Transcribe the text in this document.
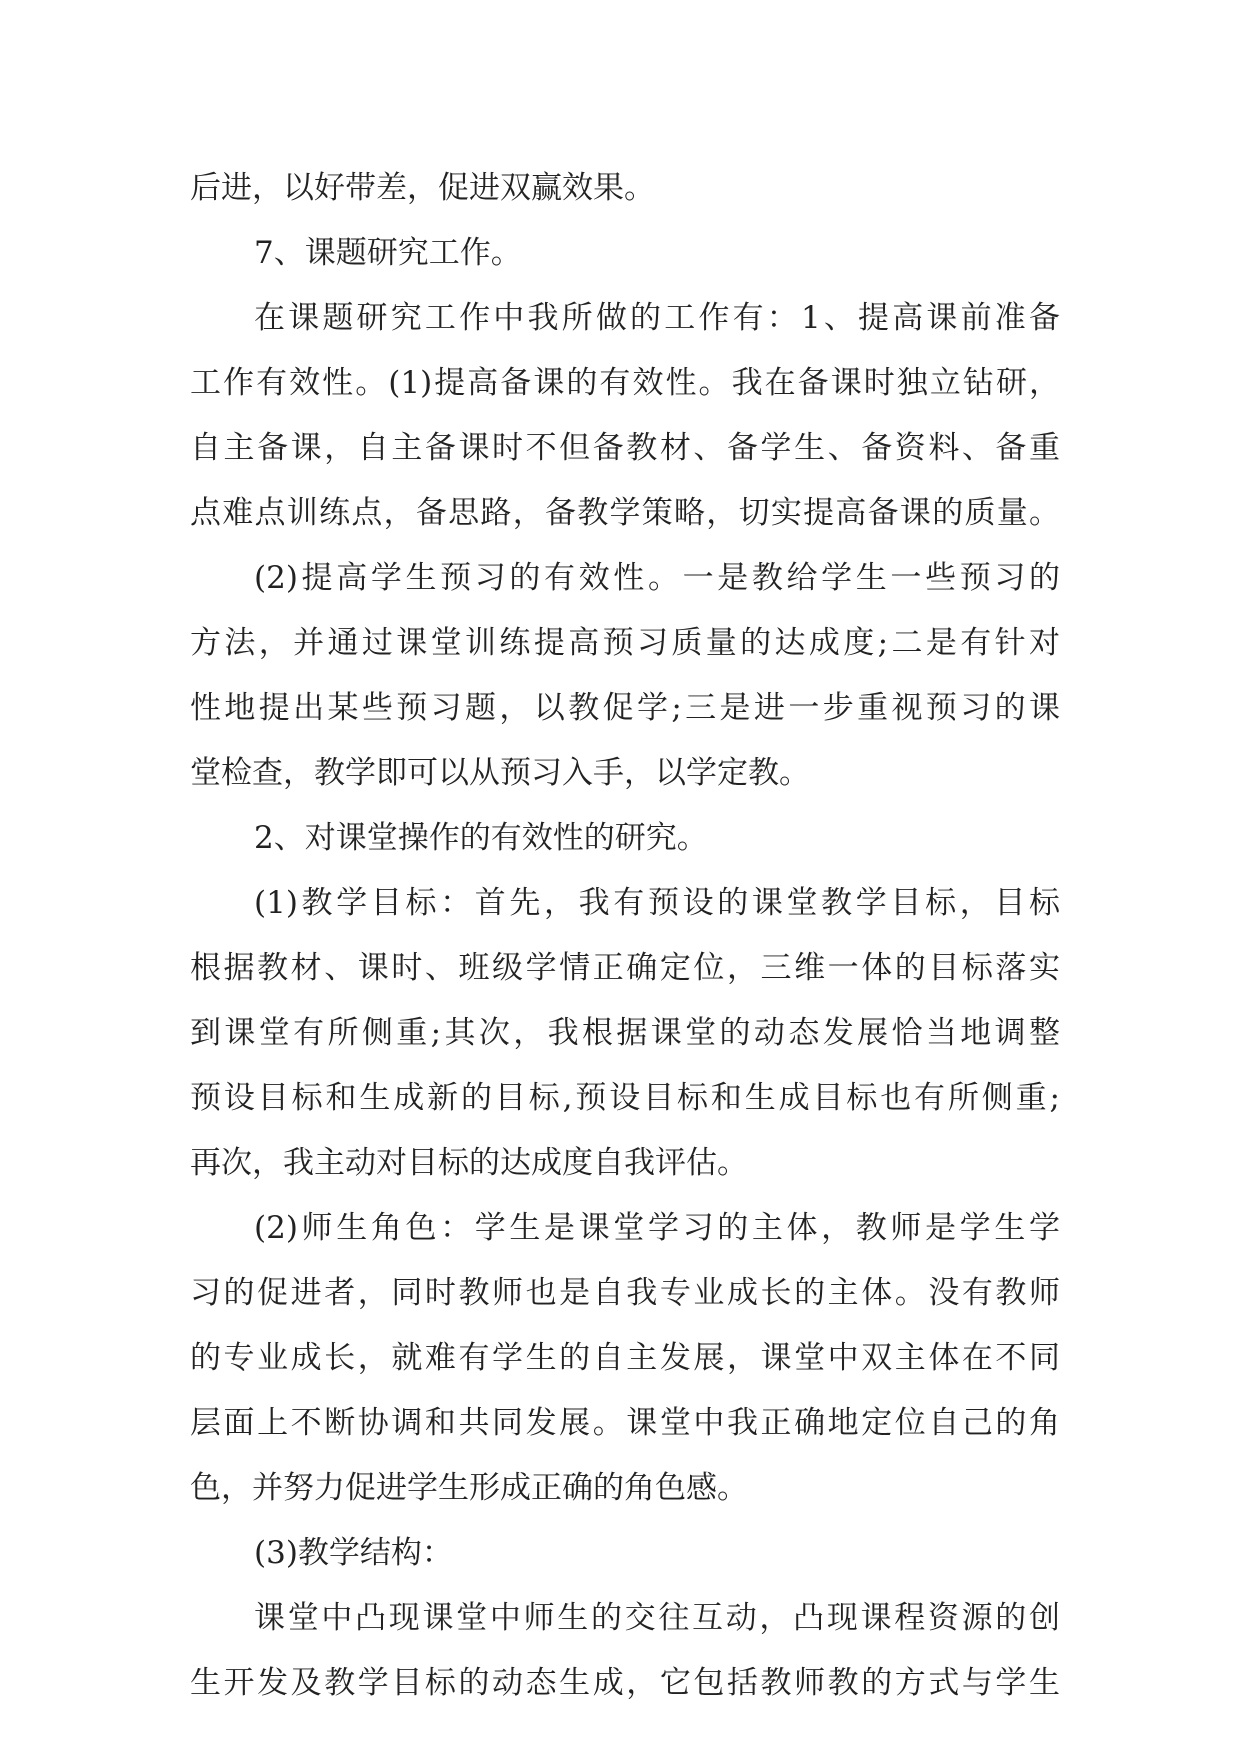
后进，以好带差，促进双赢效果。
7、课题研究工作。
在课题研究工作中我所做的工作有：1、提高课前准备
工作有效性。(1)提高备课的有效性。我在备课时独立钻研，
自主备课，自主备课时不但备教材、备学生、备资料、备重
点难点训练点，备思路，备教学策略，切实提高备课的质量。
(2)提高学生预习的有效性。一是教给学生一些预习的
方法，并通过课堂训练提高预习质量的达成度;二是有针对
性地提出某些预习题，以教促学;三是进一步重视预习的课
堂检查，教学即可以从预习入手，以学定教。
2、对课堂操作的有效性的研究。
(1)教学目标：首先，我有预设的课堂教学目标，目标
根据教材、课时、班级学情正确定位，三维一体的目标落实
到课堂有所侧重;其次，我根据课堂的动态发展恰当地调整
预设目标和生成新的目标,预设目标和生成目标也有所侧重;
再次，我主动对目标的达成度自我评估。
(2)师生角色：学生是课堂学习的主体，教师是学生学
习的促进者，同时教师也是自我专业成长的主体。没有教师
的专业成长，就难有学生的自主发展，课堂中双主体在不同
层面上不断协调和共同发展。课堂中我正确地定位自己的角
色，并努力促进学生形成正确的角色感。
(3)教学结构：
课堂中凸现课堂中师生的交往互动，凸现课程资源的创
生开发及教学目标的动态生成，它包括教师教的方式与学生
